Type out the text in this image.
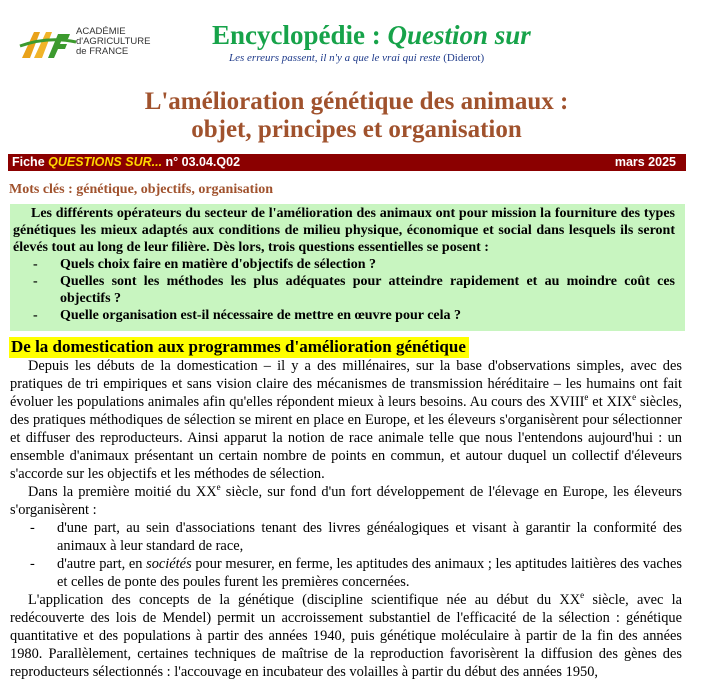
ACADÉMIE
d'AGRICULTURE
de FRANCE
Encyclopédie : Question sur
Les erreurs passent, il n'y a que le vrai qui reste (Diderot)
L'amélioration génétique des animaux :
objet, principes et organisation
Fiche QUESTIONS SUR... n° 03.04.Q02	mars 2025
Mots clés : génétique, objectifs, organisation

Les différents opérateurs du secteur de l'amélioration des animaux ont pour mission la fourniture des types génétiques les mieux adaptés aux conditions de milieu physique, économique et social dans lesquels ils seront élevés tout au long de leur filière. Dès lors, trois questions essentielles se posent :

- Quels choix faire en matière d'objectifs de sélection ?
- Quelles sont les méthodes les plus adéquates pour atteindre rapidement et au moindre coût ces objectifs ?
- Quelle organisation est-il nécessaire de mettre en œuvre pour cela ?
De la domestication aux programmes d'amélioration génétique

Depuis les débuts de la domestication – il y a des millénaires, sur la base d'observations simples, avec des pratiques de tri empiriques et sans vision claire des mécanismes de transmission héréditaire – les humains ont fait évoluer les populations animales afin qu'elles répondent mieux à leurs besoins. Au cours des XVIIIe et XIXe siècles, des pratiques méthodiques de sélection se mirent en place en Europe, et les éleveurs s'organisèrent pour sélectionner et diffuser des reproducteurs. Ainsi apparut la notion de race animale telle que nous l'entendons aujourd'hui : un ensemble d'animaux présentant un certain nombre de points en commun, et autour duquel un collectif d'éleveurs s'accorde sur les objectifs et les méthodes de sélection.

Dans la première moitié du XXe siècle, sur fond d'un fort développement de l'élevage en Europe, les éleveurs s'organisèrent :

- d'une part, au sein d'associations tenant des livres généalogiques et visant à garantir la conformité des animaux à leur standard de race,
- d'autre part, en sociétés pour mesurer, en ferme, les aptitudes des animaux ; les aptitudes laitières des vaches et celles de ponte des poules furent les premières concernées.

L'application des concepts de la génétique (discipline scientifique née au début du XXe siècle, avec la redécouverte des lois de Mendel) permit un accroissement substantiel de l'efficacité de la sélection : génétique quantitative et des populations à partir des années 1940, puis génétique moléculaire à partir de la fin des années 1980. Parallèlement, certaines techniques de maîtrise de la reproduction favorisèrent la diffusion des gènes des reproducteurs sélectionnés : l'accouvage en incubateur des volailles à partir du début des années 1950,
